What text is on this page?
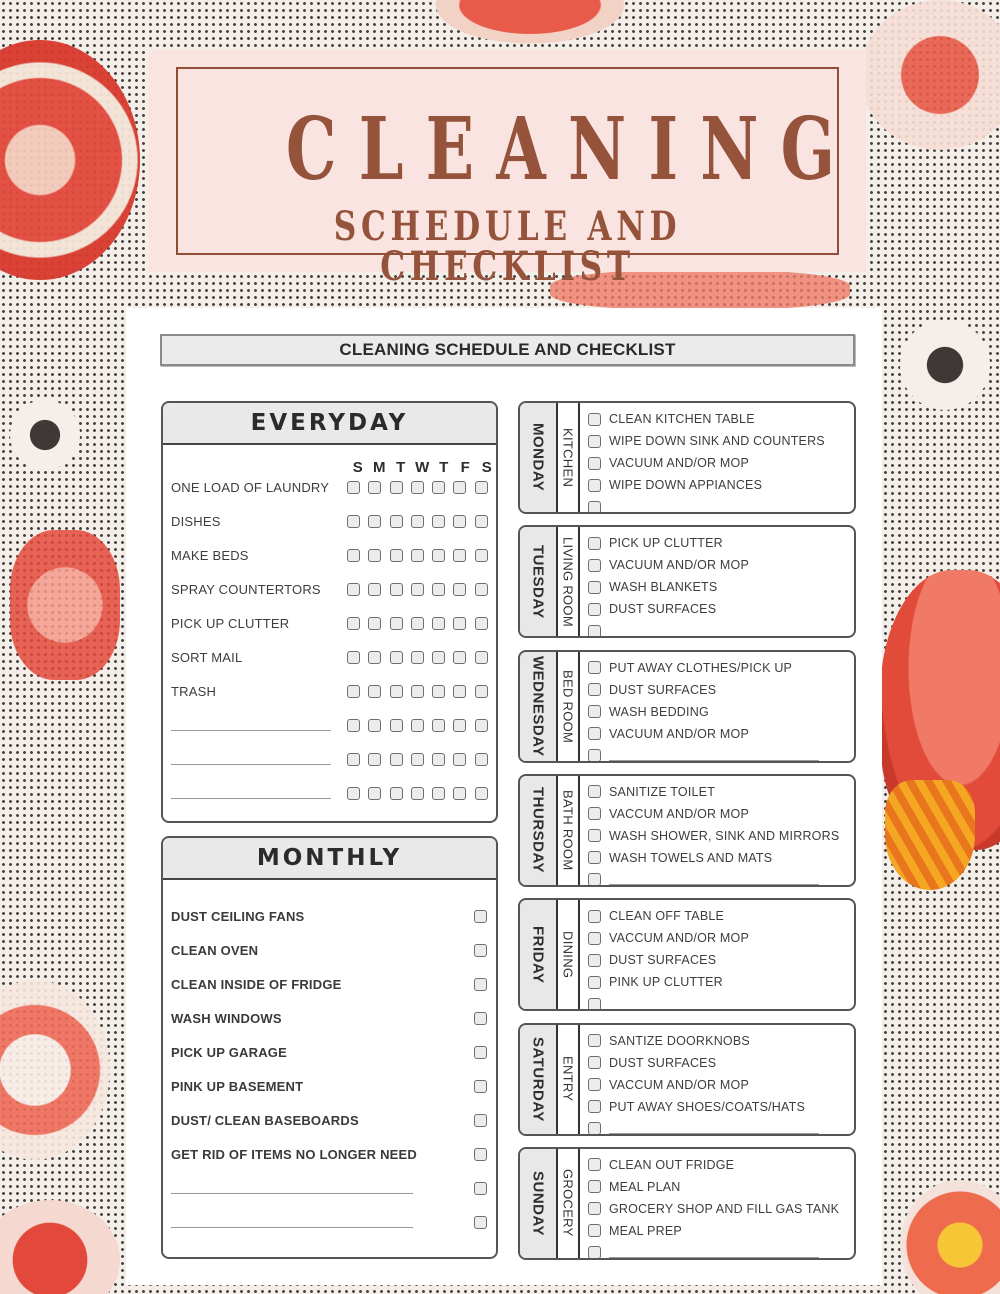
CLEANING
SCHEDULE AND CHECKLIST
CLEANING SCHEDULE AND CHECKLIST
EVERYDAY
S M T W T F S
ONE LOAD OF LAUNDRY
DISHES
MAKE BEDS
SPRAY COUNTERTORS
PICK UP CLUTTER
SORT MAIL
TRASH
MONTHLY
DUST CEILING FANS
CLEAN OVEN
CLEAN INSIDE OF FRIDGE
WASH WINDOWS
PICK UP GARAGE
PINK UP BASEMENT
DUST/ CLEAN BASEBOARDS
GET RID OF ITEMS NO LONGER NEED
MONDAY KITCHEN
CLEAN KITCHEN TABLE
WIPE DOWN SINK AND COUNTERS
VACUUM AND/OR MOP
WIPE DOWN APPIANCES
TUESDAY LIVING ROOM	PICK UP CLUTTER
VACUUM AND/OR MOP
WASH BLANKETS
DUST SURFACES
WEDNESDAY BED ROOM
PUT AWAY CLOTHES/PICK UP
DUST SURFACES
WASH BEDDING
VACUUM AND/OR MOP
THURSDAY BATH ROOM	SANITIZE TOILET
VACCUM AND/OR MOP
WASH SHOWER, SINK AND MIRRORS
WASH TOWELS AND MATS
FRIDAY DINING
CLEAN OFF TABLE
VACCUM AND/OR MOP
DUST SURFACES
PINK UP CLUTTER
SATURDAY ENTRY
SANTIZE DOORKNOBS
DUST SURFACES
VACCUM AND/OR MOP
PUT AWAY SHOES/COATS/HATS
SUNDAY GROCERY
CLEAN OUT FRIDGE
MEAL PLAN
GROCERY SHOP AND FILL GAS TANK
MEAL PREP
